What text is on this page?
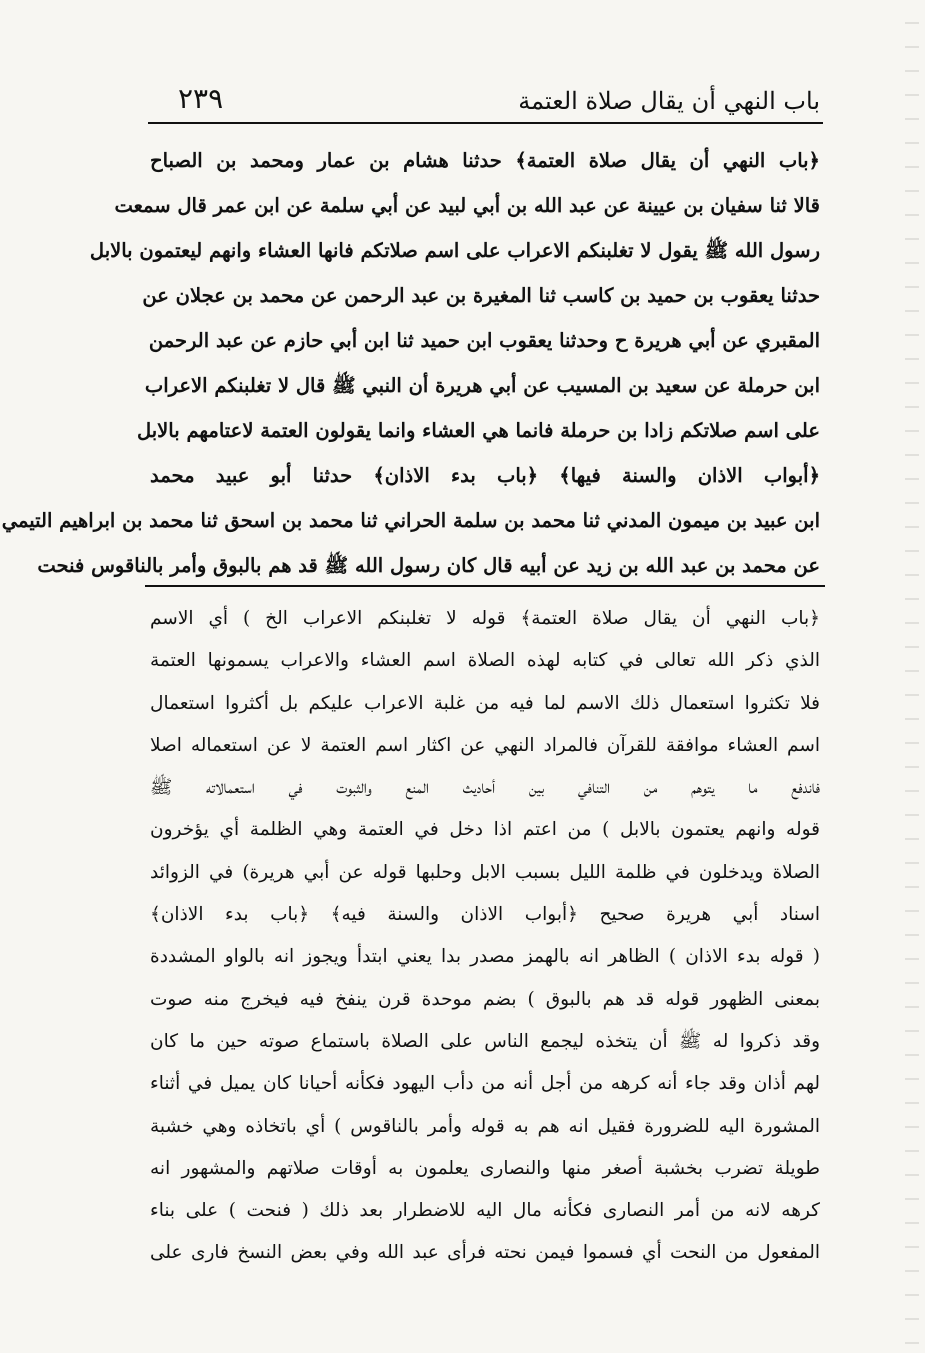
باب النهي أن يقال صلاة العتمة
٢٣٩
﴿باب النهي أن يقال صلاة العتمة﴾ حدثنا هشام بن عمار ومحمد بن الصباح
قالا ثنا سفيان بن عيينة عن عبد الله بن أبي لبيد عن أبي سلمة عن ابن عمر قال سمعت
رسول الله ﷺ يقول لا تغلبنكم الاعراب على اسم صلاتكم فانها العشاء وانهم ليعتمون بالابل
حدثنا يعقوب بن حميد بن كاسب ثنا المغيرة بن عبد الرحمن عن محمد بن عجلان عن
المقبري عن أبي هريرة ح وحدثنا يعقوب ابن حميد ثنا ابن أبي حازم عن عبد الرحمن
ابن حرملة عن سعيد بن المسيب عن أبي هريرة أن النبي ﷺ قال لا تغلبنكم الاعراب
على اسم صلاتكم زادا بن حرملة فانما هي العشاء وانما يقولون العتمة لاعتامهم بالابل
﴿أبواب الاذان والسنة فيها﴾ ﴿باب بدء الاذان﴾ حدثنا أبو عبيد محمد
ابن عبيد بن ميمون المدني ثنا محمد بن سلمة الحراني ثنا محمد بن اسحق ثنا محمد بن ابراهيم التيمي
عن محمد بن عبد الله بن زيد عن أبيه قال كان رسول الله ﷺ قد هم بالبوق وأمر بالناقوس فنحت
﴿باب النهي أن يقال صلاة العتمة﴾ قوله لا تغلبنكم الاعراب الخ ) أي الاسم
الذي ذكر الله تعالى في كتابه لهذه الصلاة اسم العشاء والاعراب يسمونها العتمة
فلا تكثروا استعمال ذلك الاسم لما فيه من غلبة الاعراب عليكم بل أكثروا استعمال
اسم العشاء موافقة للقرآن فالمراد النهي عن اكثار اسم العتمة لا عن استعماله اصلا
فاندفع ما يتوهم من التنافي بين أحاديث المنع والثبوت في استعمالاته ﷺ
قوله وانهم يعتمون بالابل ) من اعتم اذا دخل في العتمة وهي الظلمة أي يؤخرون
الصلاة ويدخلون في ظلمة الليل بسبب الابل وحلبها قوله عن أبي هريرة) في الزوائد
اسناد أبي هريرة صحيح ﴿أبواب الاذان والسنة فيه﴾ ﴿باب بدء الاذان﴾
( قوله بدء الاذان ) الظاهر انه بالهمز مصدر بدا يعني ابتدأ ويجوز انه بالواو المشددة
بمعنى الظهور قوله قد هم بالبوق ) بضم موحدة قرن ينفخ فيه فيخرج منه صوت
وقد ذكروا له ﷺ أن يتخذه ليجمع الناس على الصلاة باستماع صوته حين ما كان
لهم أذان وقد جاء أنه كرهه من أجل أنه من دأب اليهود فكأنه أحيانا كان يميل في أثناء
المشورة اليه للضرورة فقيل انه هم به قوله وأمر بالناقوس ) أي باتخاذه وهي خشبة
طويلة تضرب بخشبة أصغر منها والنصارى يعلمون به أوقات صلاتهم والمشهور انه
كرهه لانه من أمر النصارى فكأنه مال اليه للاضطرار بعد ذلك ( فنحت ) على بناء
المفعول من النحت أي فسموا فيمن نحته فرأى عبد الله وفي بعض النسخ فارى على
